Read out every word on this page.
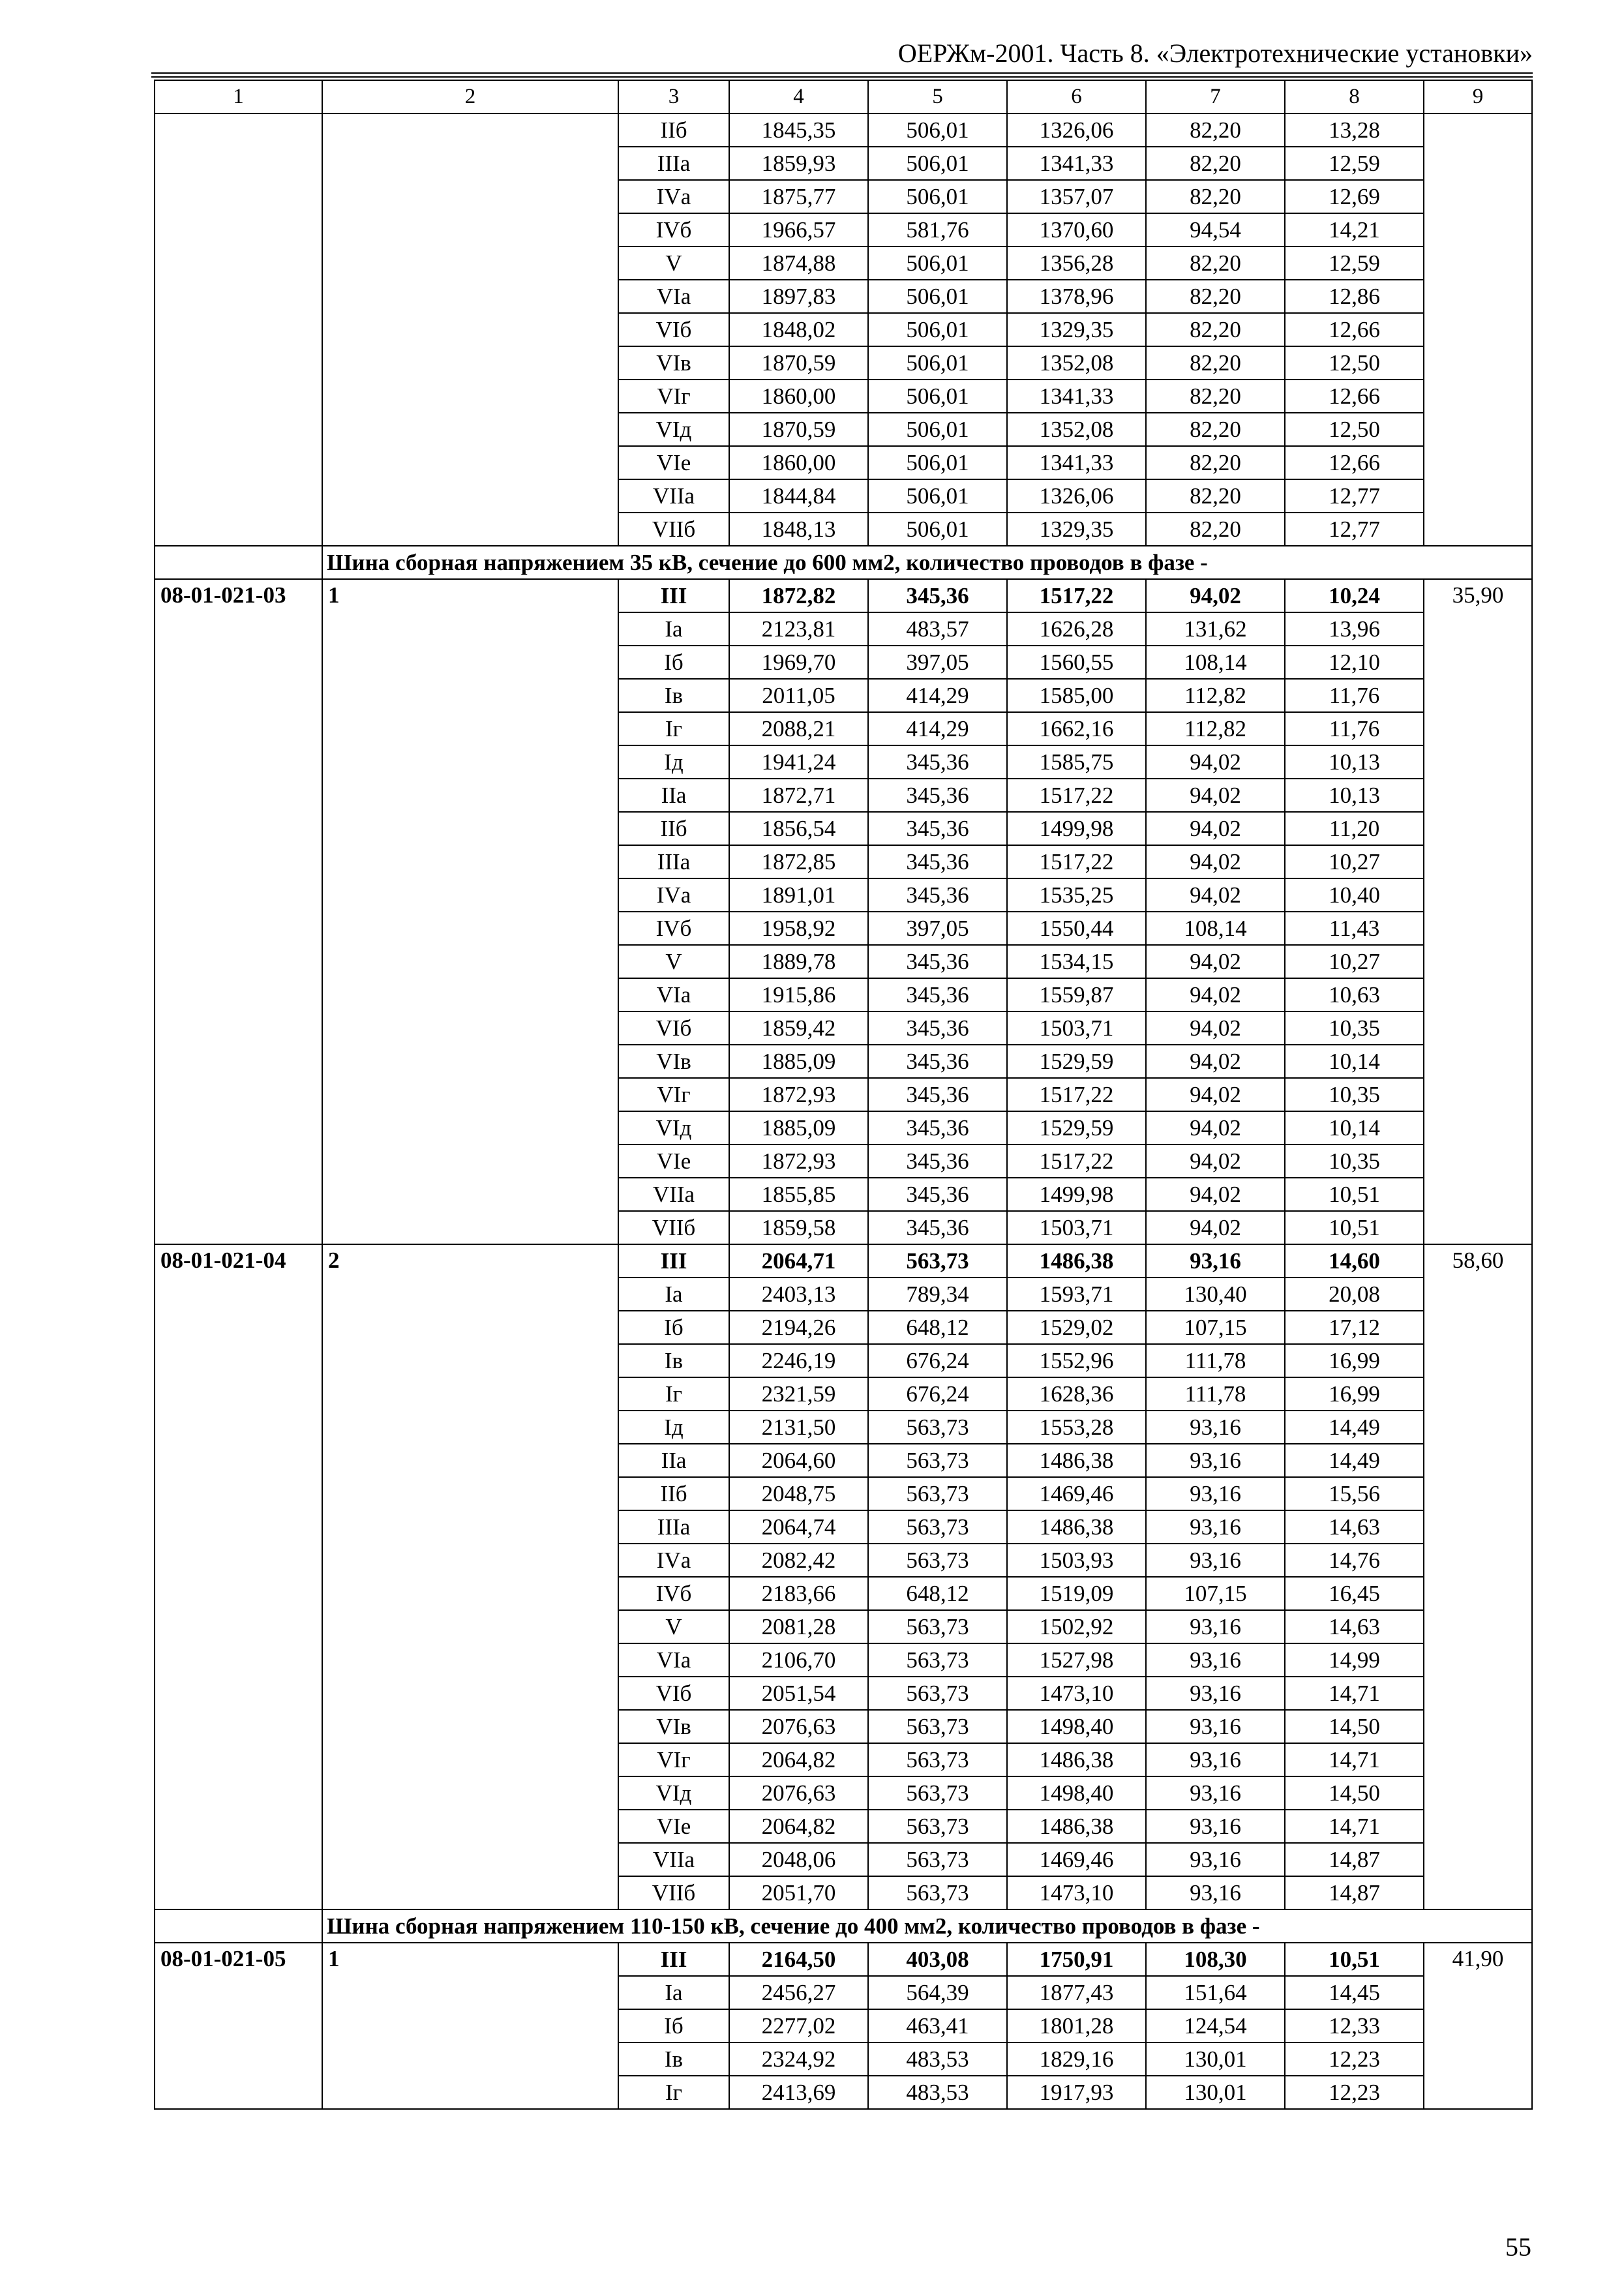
ОЕРЖм-2001. Часть 8. «Электротехнические установки»
1	2	3	4	5	6	7	8	9
		IIб	1845,35	506,01	1326,06	82,20	13,28	
		IIIа	1859,93	506,01	1341,33	82,20	12,59	
		IVа	1875,77	506,01	1357,07	82,20	12,69	
		IVб	1966,57	581,76	1370,60	94,54	14,21	
		V	1874,88	506,01	1356,28	82,20	12,59	
		VIа	1897,83	506,01	1378,96	82,20	12,86	
		VIб	1848,02	506,01	1329,35	82,20	12,66	
		VIв	1870,59	506,01	1352,08	82,20	12,50	
		VIг	1860,00	506,01	1341,33	82,20	12,66	
		VIд	1870,59	506,01	1352,08	82,20	12,50	
		VIе	1860,00	506,01	1341,33	82,20	12,66	
		VIIа	1844,84	506,01	1326,06	82,20	12,77	
		VIIб	1848,13	506,01	1329,35	82,20	12,77	
	Шина сборная напряжением 35 кВ, сечение до 600 мм2, количество проводов в фазе -							
08-01-021-03	1	III	1872,82	345,36	1517,22	94,02	10,24	35,90
		Iа	2123,81	483,57	1626,28	131,62	13,96	
		Iб	1969,70	397,05	1560,55	108,14	12,10	
		Iв	2011,05	414,29	1585,00	112,82	11,76	
		Iг	2088,21	414,29	1662,16	112,82	11,76	
		Iд	1941,24	345,36	1585,75	94,02	10,13	
		IIа	1872,71	345,36	1517,22	94,02	10,13	
		IIб	1856,54	345,36	1499,98	94,02	11,20	
		IIIа	1872,85	345,36	1517,22	94,02	10,27	
		IVа	1891,01	345,36	1535,25	94,02	10,40	
		IVб	1958,92	397,05	1550,44	108,14	11,43	
		V	1889,78	345,36	1534,15	94,02	10,27	
		VIа	1915,86	345,36	1559,87	94,02	10,63	
		VIб	1859,42	345,36	1503,71	94,02	10,35	
		VIв	1885,09	345,36	1529,59	94,02	10,14	
		VIг	1872,93	345,36	1517,22	94,02	10,35	
		VIд	1885,09	345,36	1529,59	94,02	10,14	
		VIе	1872,93	345,36	1517,22	94,02	10,35	
		VIIа	1855,85	345,36	1499,98	94,02	10,51	
		VIIб	1859,58	345,36	1503,71	94,02	10,51	
08-01-021-04	2	III	2064,71	563,73	1486,38	93,16	14,60	58,60
		Iа	2403,13	789,34	1593,71	130,40	20,08	
		Iб	2194,26	648,12	1529,02	107,15	17,12	
		Iв	2246,19	676,24	1552,96	111,78	16,99	
		Iг	2321,59	676,24	1628,36	111,78	16,99	
		Iд	2131,50	563,73	1553,28	93,16	14,49	
		IIа	2064,60	563,73	1486,38	93,16	14,49	
		IIб	2048,75	563,73	1469,46	93,16	15,56	
		IIIа	2064,74	563,73	1486,38	93,16	14,63	
		IVа	2082,42	563,73	1503,93	93,16	14,76	
		IVб	2183,66	648,12	1519,09	107,15	16,45	
		V	2081,28	563,73	1502,92	93,16	14,63	
		VIа	2106,70	563,73	1527,98	93,16	14,99	
		VIб	2051,54	563,73	1473,10	93,16	14,71	
		VIв	2076,63	563,73	1498,40	93,16	14,50	
		VIг	2064,82	563,73	1486,38	93,16	14,71	
		VIд	2076,63	563,73	1498,40	93,16	14,50	
		VIе	2064,82	563,73	1486,38	93,16	14,71	
		VIIа	2048,06	563,73	1469,46	93,16	14,87	
		VIIб	2051,70	563,73	1473,10	93,16	14,87	
	Шина сборная напряжением 110-150 кВ, сечение до 400 мм2, количество проводов в фазе -							
08-01-021-05	1	III	2164,50	403,08	1750,91	108,30	10,51	41,90
		Iа	2456,27	564,39	1877,43	151,64	14,45	
		Iб	2277,02	463,41	1801,28	124,54	12,33	
		Iв	2324,92	483,53	1829,16	130,01	12,23	
		Iг	2413,69	483,53	1917,93	130,01	12,23	
55
